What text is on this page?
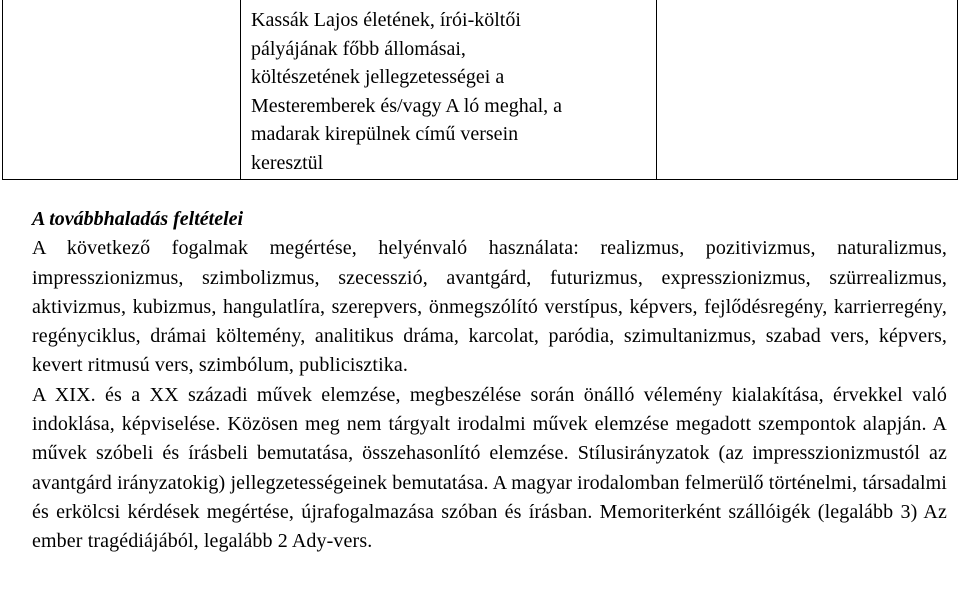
Kassák Lajos életének, írói-költői
pályájának főbb állomásai,
költészetének jellegzetességei a
Mesteremberek és/vagy A ló meghal, a
madarak kirepülnek című versein
keresztül

A továbbhaladás feltételei

A következő fogalmak megértése, helyénvaló használata: realizmus, pozitivizmus, naturalizmus, impresszionizmus, szimbolizmus, szecesszió, avantgárd, futurizmus, expresszionizmus, szürrealizmus, aktivizmus, kubizmus, hangulatlíra, szerepvers, önmegszólító verstípus, képvers, fejlődésregény, karrierregény, regényciklus, drámai költemény, analitikus dráma, karcolat, paródia, szimultanizmus, szabad vers, képvers, kevert ritmusú vers, szimbólum, publicisztika.

A XIX. és a XX századi művek elemzése, megbeszélése során önálló vélemény kialakítása, érvekkel való indoklása, képviselése. Közösen meg nem tárgyalt irodalmi művek elemzése megadott szempontok alapján. A művek szóbeli és írásbeli bemutatása, összehasonlító elemzése. Stílusirányzatok (az impresszionizmustól az avantgárd irányzatokig) jellegzetességeinek bemutatása. A magyar irodalomban felmerülő történelmi, társadalmi és erkölcsi kérdések megértése, újrafogalmazása szóban és írásban. Memoriterként szállóigék (legalább 3) Az ember tragédiájából, legalább 2 Ady-vers.
